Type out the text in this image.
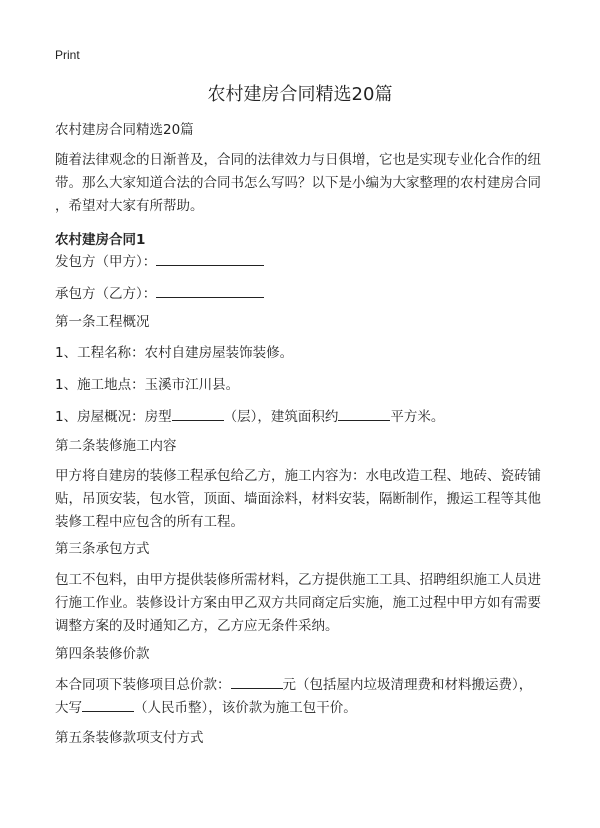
Print
农村建房合同精选20篇
农村建房合同精选20篇
随着法律观念的日渐普及，合同的法律效力与日俱增，它也是实现专业化合作的纽
带。那么大家知道合法的合同书怎么写吗？以下是小编为大家整理的农村建房合同
，希望对大家有所帮助。
农村建房合同1
发包方（甲方）：
承包方（乙方）：
第一条工程概况
1、工程名称：农村自建房屋装饰装修。
1、施工地点：玉溪市江川县。
1、房屋概况：房型	（层），建筑面积约	平方米。
第二条装修施工内容
甲方将自建房的装修工程承包给乙方，施工内容为：水电改造工程、地砖、瓷砖铺
贴，吊顶安装，包水管，顶面、墙面涂料，材料安装，隔断制作，搬运工程等其他
装修工程中应包含的所有工程。
第三条承包方式
包工不包料，由甲方提供装修所需材料，乙方提供施工工具、招聘组织施工人员进
行施工作业。装修设计方案由甲乙双方共同商定后实施，施工过程中甲方如有需要
调整方案的及时通知乙方，乙方应无条件采纳。
第四条装修价款
本合同项下装修项目总价款：	元（包括屋内垃圾清理费和材料搬运费），
大写	（人民币整），该价款为施工包干价。
第五条装修款项支付方式
